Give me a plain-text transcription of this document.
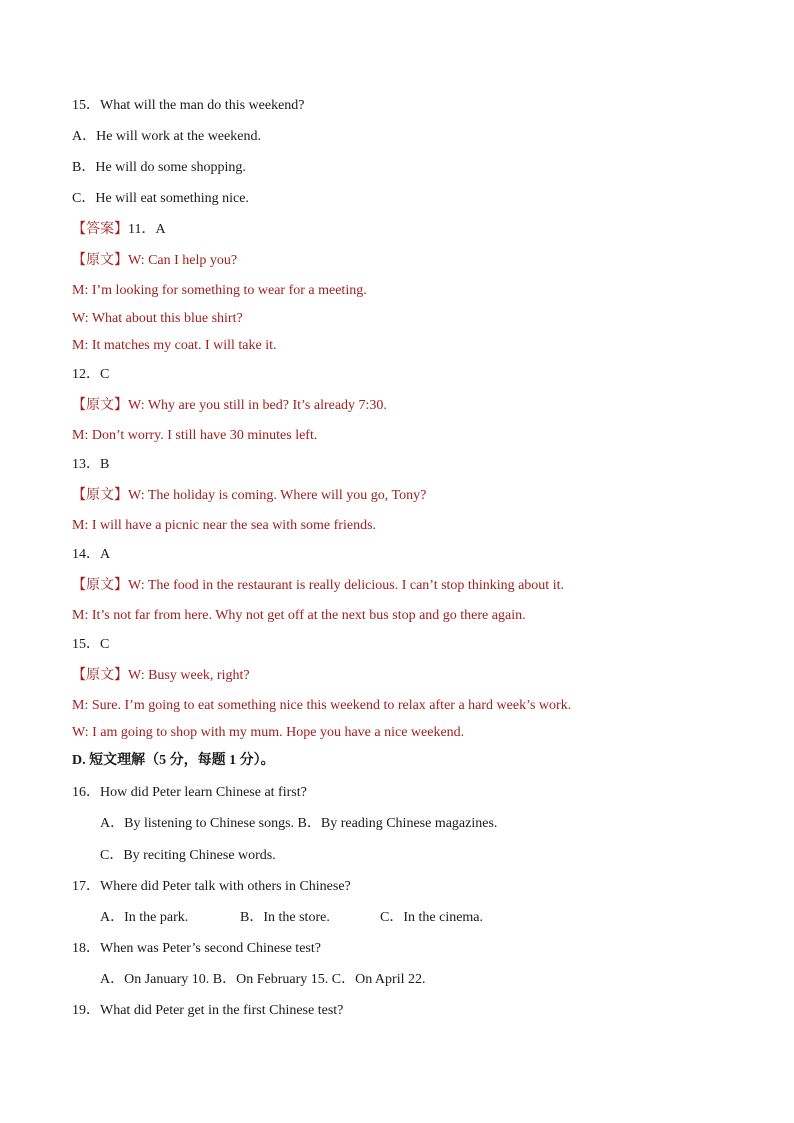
15．What will the man do this weekend?
A．He will work at the weekend.
B．He will do some shopping.
C．He will eat something nice.
【答案】11．A
【原文】W: Can I help you?
M: I’m looking for something to wear for a meeting.
W: What about this blue shirt?
M: It matches my coat. I will take it.
12．C
【原文】W: Why are you still in bed? It’s already 7:30.
M: Don’t worry. I still have 30 minutes left.
13．B
【原文】W: The holiday is coming. Where will you go, Tony?
M: I will have a picnic near the sea with some friends.
14．A
【原文】W: The food in the restaurant is really delicious. I can’t stop thinking about it.
M: It’s not far from here. Why not get off at the next bus stop and go there again.
15．C
【原文】W: Busy week, right?
M: Sure. I’m going to eat something nice this weekend to relax after a hard week’s work.
W: I am going to shop with my mum. Hope you have a nice weekend.
D. 短文理解（5 分，每题 1 分）。
16．How did Peter learn Chinese at first?
A．By listening to Chinese songs. B．By reading Chinese magazines.
C．By reciting Chinese words.
17．Where did Peter talk with others in Chinese?
A．In the park.	B．In the store.	C．In the cinema.
18．When was Peter’s second Chinese test?
A．On January 10. B．On February 15. C．On April 22.
19．What did Peter get in the first Chinese test?
